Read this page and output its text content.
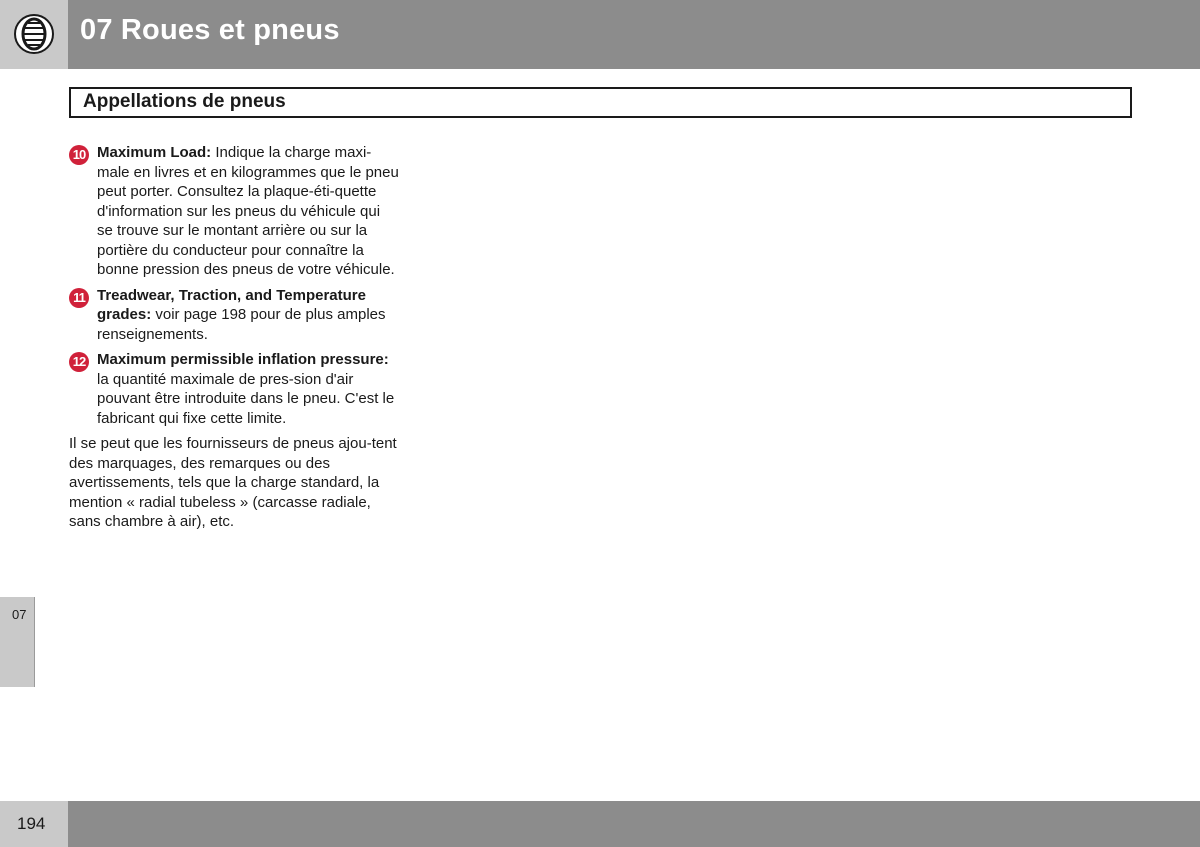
07 Roues et pneus
Appellations de pneus
10 Maximum Load: Indique la charge maxi-male en livres et en kilogrammes que le pneu peut porter. Consultez la plaque-éti-quette d'information sur les pneus du véhicule qui se trouve sur le montant arrière ou sur la portière du conducteur pour connaître la bonne pression des pneus de votre véhicule.
11 Treadwear, Traction, and Temperature grades: voir page 198 pour de plus amples renseignements.
12 Maximum permissible inflation pressure: la quantité maximale de pres-sion d'air pouvant être introduite dans le pneu. C'est le fabricant qui fixe cette limite.
Il se peut que les fournisseurs de pneus ajou-tent des marquages, des remarques ou des avertissements, tels que la charge standard, la mention « radial tubeless » (carcasse radiale, sans chambre à air), etc.
07
194
